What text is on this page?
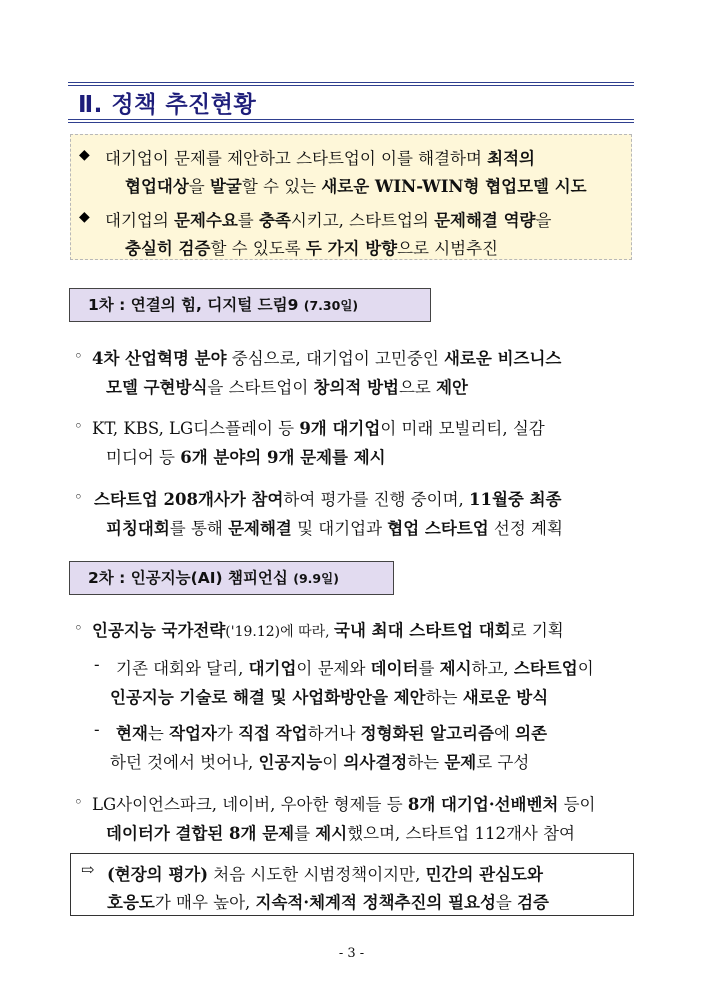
Ⅱ. 정책 추진현황
◆ 대기업이 문제를 제안하고 스타트업이 이를 해결하며 최적의
협업대상을 발굴할 수 있는 새로운 WIN-WIN형 협업모델 시도
◆ 대기업의 문제수요를 충족시키고, 스타트업의 문제해결 역량을
충실히 검증할 수 있도록 두 가지 방향으로 시범추진
1차 : 연결의 힘, 디지털 드림9 (7.30일)
◦ 4차 산업혁명 분야 중심으로, 대기업이 고민중인 새로운 비즈니스
모델 구현방식을 스타트업이 창의적 방법으로 제안
◦ KT, KBS, LG디스플레이 등 9개 대기업이 미래 모빌리티, 실감
미디어 등 6개 분야의 9개 문제를 제시
◦ 스타트업 208개사가 참여하여 평가를 진행 중이며, 11월중 최종
피칭대회를 통해 문제해결 및 대기업과 협업 스타트업 선정 계획
2차 : 인공지능(AI) 챔피언십 (9.9일)
◦ 인공지능 국가전략('19.12)에 따라, 국내 최대 스타트업 대회로 기획
- 기존 대회와 달리, 대기업이 문제와 데이터를 제시하고, 스타트업이
인공지능 기술로 해결 및 사업화방안을 제안하는 새로운 방식
- 현재는 작업자가 직접 작업하거나 정형화된 알고리즘에 의존
하던 것에서 벗어나, 인공지능이 의사결정하는 문제로 구성
◦ LG사이언스파크, 네이버, 우아한 형제들 등 8개 대기업·선배벤처 등이
데이터가 결합된 8개 문제를 제시했으며, 스타트업 112개사 참여
⇨ (현장의 평가) 처음 시도한 시범정책이지만, 민간의 관심도와
호응도가 매우 높아, 지속적·체계적 정책추진의 필요성을 검증
- 3 -
